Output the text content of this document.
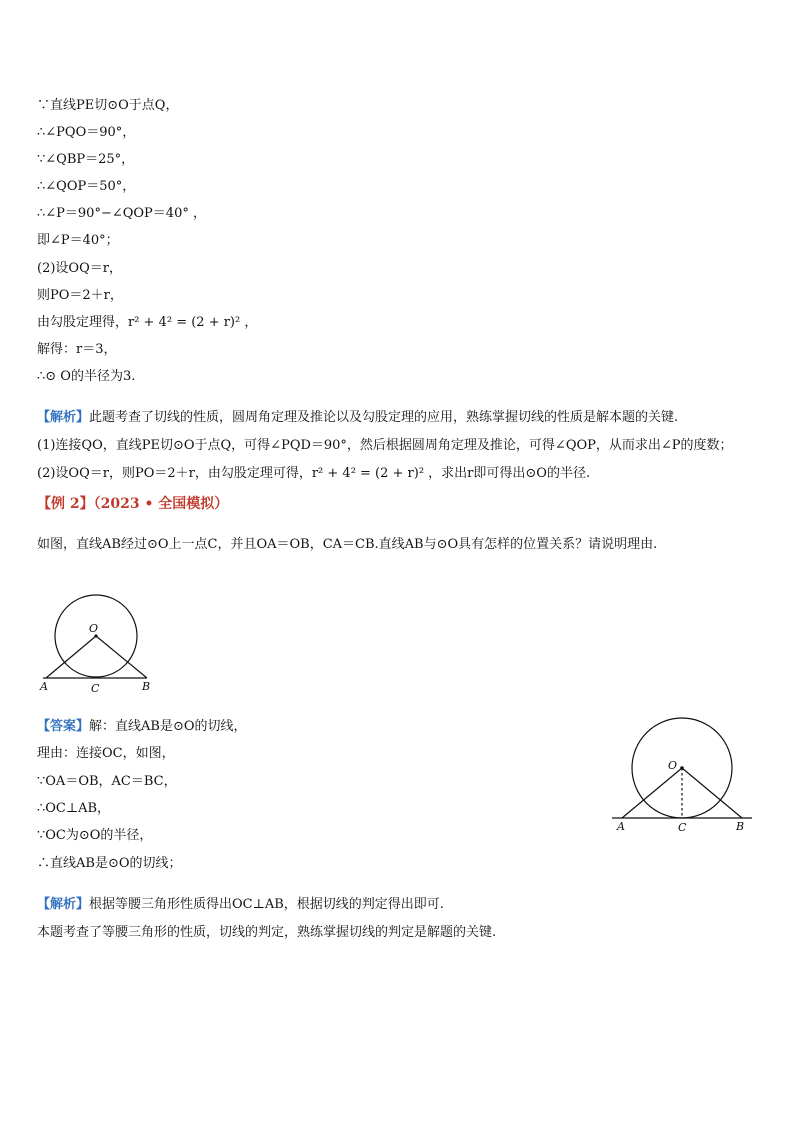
∵直线PE切⊙O于点Q，
∴∠PQO＝90°，
∵∠QBP＝25°，
∴∠QOP＝50°，
∴∠P＝90°−∠QOP＝40° ，
即∠P＝40°；
(2)设OQ＝r，
则PO＝2＋r，
由勾股定理得，r² + 4² = (2 + r)² ，
解得：r＝3，
∴⊙ O的半径为3.
【解析】此题考查了切线的性质，圆周角定理及推论以及勾股定理的应用，熟练掌握切线的性质是解本题的关键.
(1)连接QO，直线PE切⊙O于点Q，可得∠PQD＝90°，然后根据圆周角定理及推论，可得∠QOP，从而求出∠P的度数；
(2)设OQ＝r，则PO＝2＋r，由勾股定理可得，r² + 4² = (2 + r)² ，求出r即可得出⊙O的半径.
【例 2】（2023 • 全国模拟）
如图，直线AB经过⊙O上一点C，并且OA＝OB，CA＝CB.直线AB与⊙O具有怎样的位置关系？请说明理由.
O
A	C	B
【答案】解：直线AB是⊙O的切线，
理由：连接OC，如图，
∵OA＝OB，AC＝BC，
∴OC⊥AB，
∵OC为⊙O的半径，
∴直线AB是⊙O的切线；
O
A	C	B
【解析】根据等腰三角形性质得出OC⊥AB，根据切线的判定得出即可.
本题考查了等腰三角形的性质，切线的判定，熟练掌握切线的判定是解题的关键.
